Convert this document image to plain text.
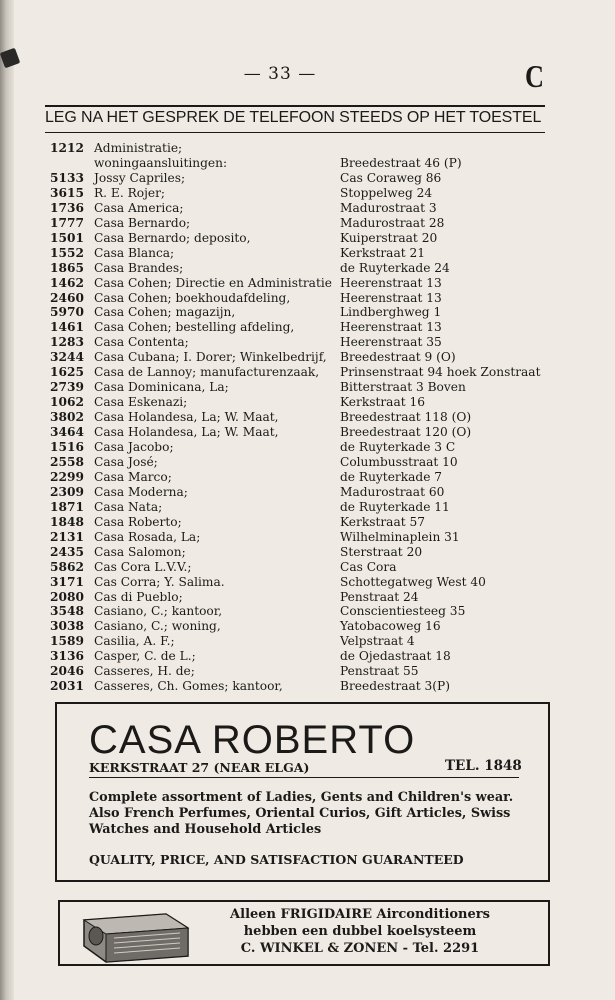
— 33 —	C
LEG NA HET GESPREK DE TELEFOON STEEDS OP HET TOESTEL
1212 Administratie;
woningaansluitingen:	Breedestraat 46 (P)
5133 Jossy Capriles;	Cas Coraweg 86
3615 R. E. Rojer;	Stoppelweg 24
1736 Casa America;	Madurostraat 3
1777 Casa Bernardo;	Madurostraat 28
1501 Casa Bernardo; deposito,	Kuiperstraat 20
1552 Casa Blanca;	Kerkstraat 21
1865 Casa Brandes;	de Ruyterkade 24
1462 Casa Cohen; Directie en Administratie Heerenstraat 13
2460 Casa Cohen; boekhoudafdeling,	Heerenstraat 13
5970 Casa Cohen; magazijn,	Lindberghweg 1
1461 Casa Cohen; bestelling afdeling,	Heerenstraat 13
1283 Casa Contenta;	Heerenstraat 35
3244 Casa Cubana; I. Dorer; Winkelbedrijf, Breedestraat 9 (O)
1625 Casa de Lannoy; manufacturenzaak, Prinsenstraat 94 hoek Zonstraat
2739 Casa Dominicana, La;	Bitterstraat 3 Boven
1062 Casa Eskenazi;	Kerkstraat 16
3802 Casa Holandesa, La; W. Maat,	Breedestraat 118 (O)
3464 Casa Holandesa, La; W. Maat,	Breedestraat 120 (O)
1516 Casa Jacobo;	de Ruyterkade 3 C
2558 Casa José;	Columbusstraat 10
2299 Casa Marco;	de Ruyterkade 7
2309 Casa Moderna;	Madurostraat 60
1871 Casa Nata;	de Ruyterkade 11
1848 Casa Roberto;	Kerkstraat 57
2131 Casa Rosada, La;	Wilhelminaplein 31
2435 Casa Salomon;	Sterstraat 20
5862 Cas Cora L.V.V.;	Cas Cora
3171 Cas Corra; Y. Salima.	Schottegatweg West 40
2080 Cas di Pueblo;	Penstraat 24
3548 Casiano, C.; kantoor,	Conscientiesteeg 35
3038 Casiano, C.; woning,	Yatobacoweg 16
1589 Casilia, A. F.;	Velpstraat 4
3136 Casper, C. de L.;	de Ojedastraat 18
2046 Casseres, H. de;	Penstraat 55
2031 Casseres, Ch. Gomes; kantoor,	Breedestraat 3(P)
CASA ROBERTO
KERKSTRAAT 27 (NEAR ELGA)	TEL. 1848
Complete assortment of Ladies, Gents and Children's wear. Also French Perfumes, Oriental Curios, Gift Articles, Swiss Watches and Household Articles
QUALITY, PRICE, AND SATISFACTION GUARANTEED
Alleen FRIGIDAIRE Airconditioners
hebben een dubbel koelsysteem
C. WINKEL & ZONEN - Tel. 2291
